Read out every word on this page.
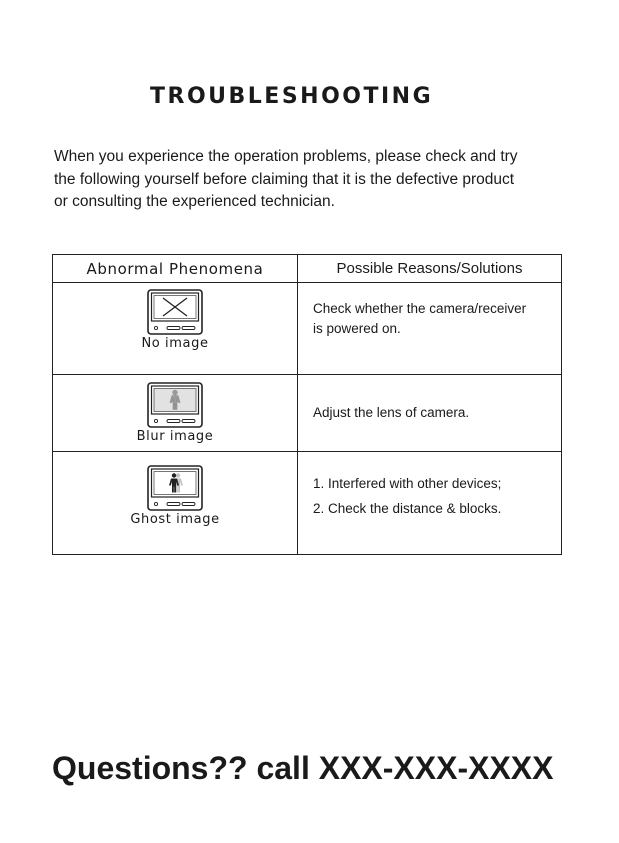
TROUBLESHOOTING
When you experience the operation problems, please check and try
the following yourself before claiming that it is the defective product
or consulting the experienced technician.
Abnormal Phenomena	Possible Reasons/Solutions

No image	Check whether the camera/receiver
is powered on.

Blur image	Adjust the lens of camera.

Ghost image	1. Interfered with other devices;
2. Check the distance & blocks.
Questions?? call XXX-XXX-XXXX
